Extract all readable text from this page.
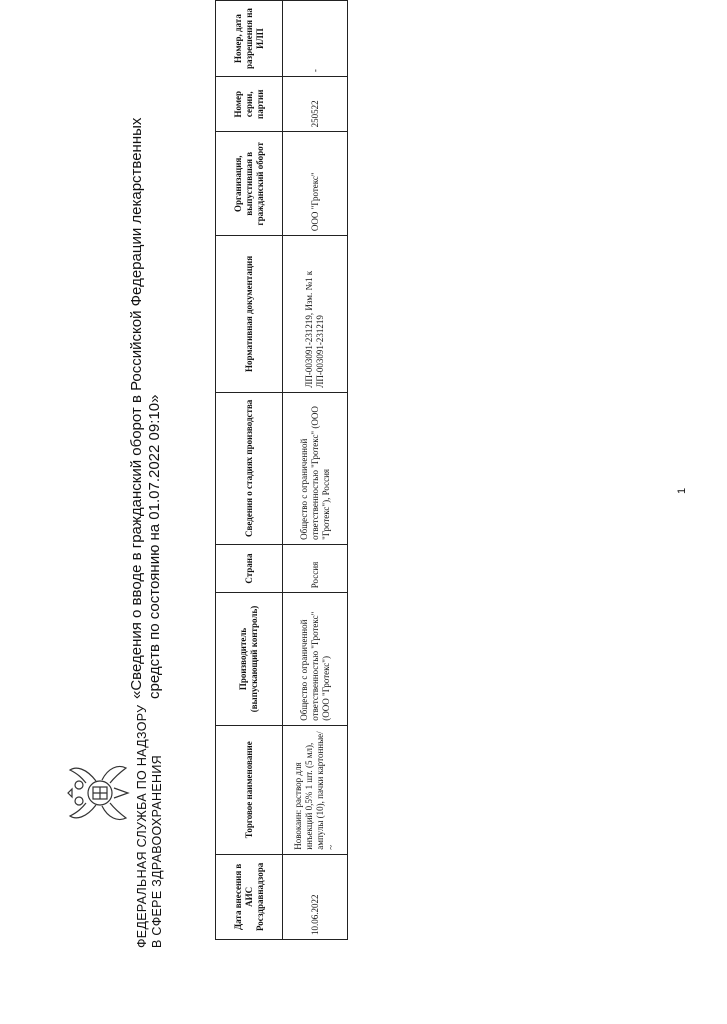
ФЕДЕРАЛЬНАЯ СЛУЖБА ПО НАДЗОРУ В СФЕРЕ ЗДРАВООХРАНЕНИЯ
«Сведения о вводе в гражданский оборот в Российской Федерации лекарственных средств по состоянию на 01.07.2022 09:10»
Дата внесения в АИС Росздравнадзора	Торговое наименование	Производитель (выпускающий контроль)	Страна	Сведения о стадиях производства	Нормативная документация	Организация, выпустившая в гражданский оборот	Номер серии, партии	Номер, дата разрешения на ИЛП
10.06.2022	Новокаин: раствор для инъекций 0,5% 1 шт. (5 мл), ампулы (10), пачки картонные/ ~	Общество с ограниченной ответственностью "Гротекс" (ООО "Гротекс")	Россия	Общество с ограниченной ответственностью "Гротекс" (ООО "Гротекс"), Россия	ЛП-003091-231219, Изм. №1 к ЛП-003091-231219	ООО "Гротекс"	250522	-
1
